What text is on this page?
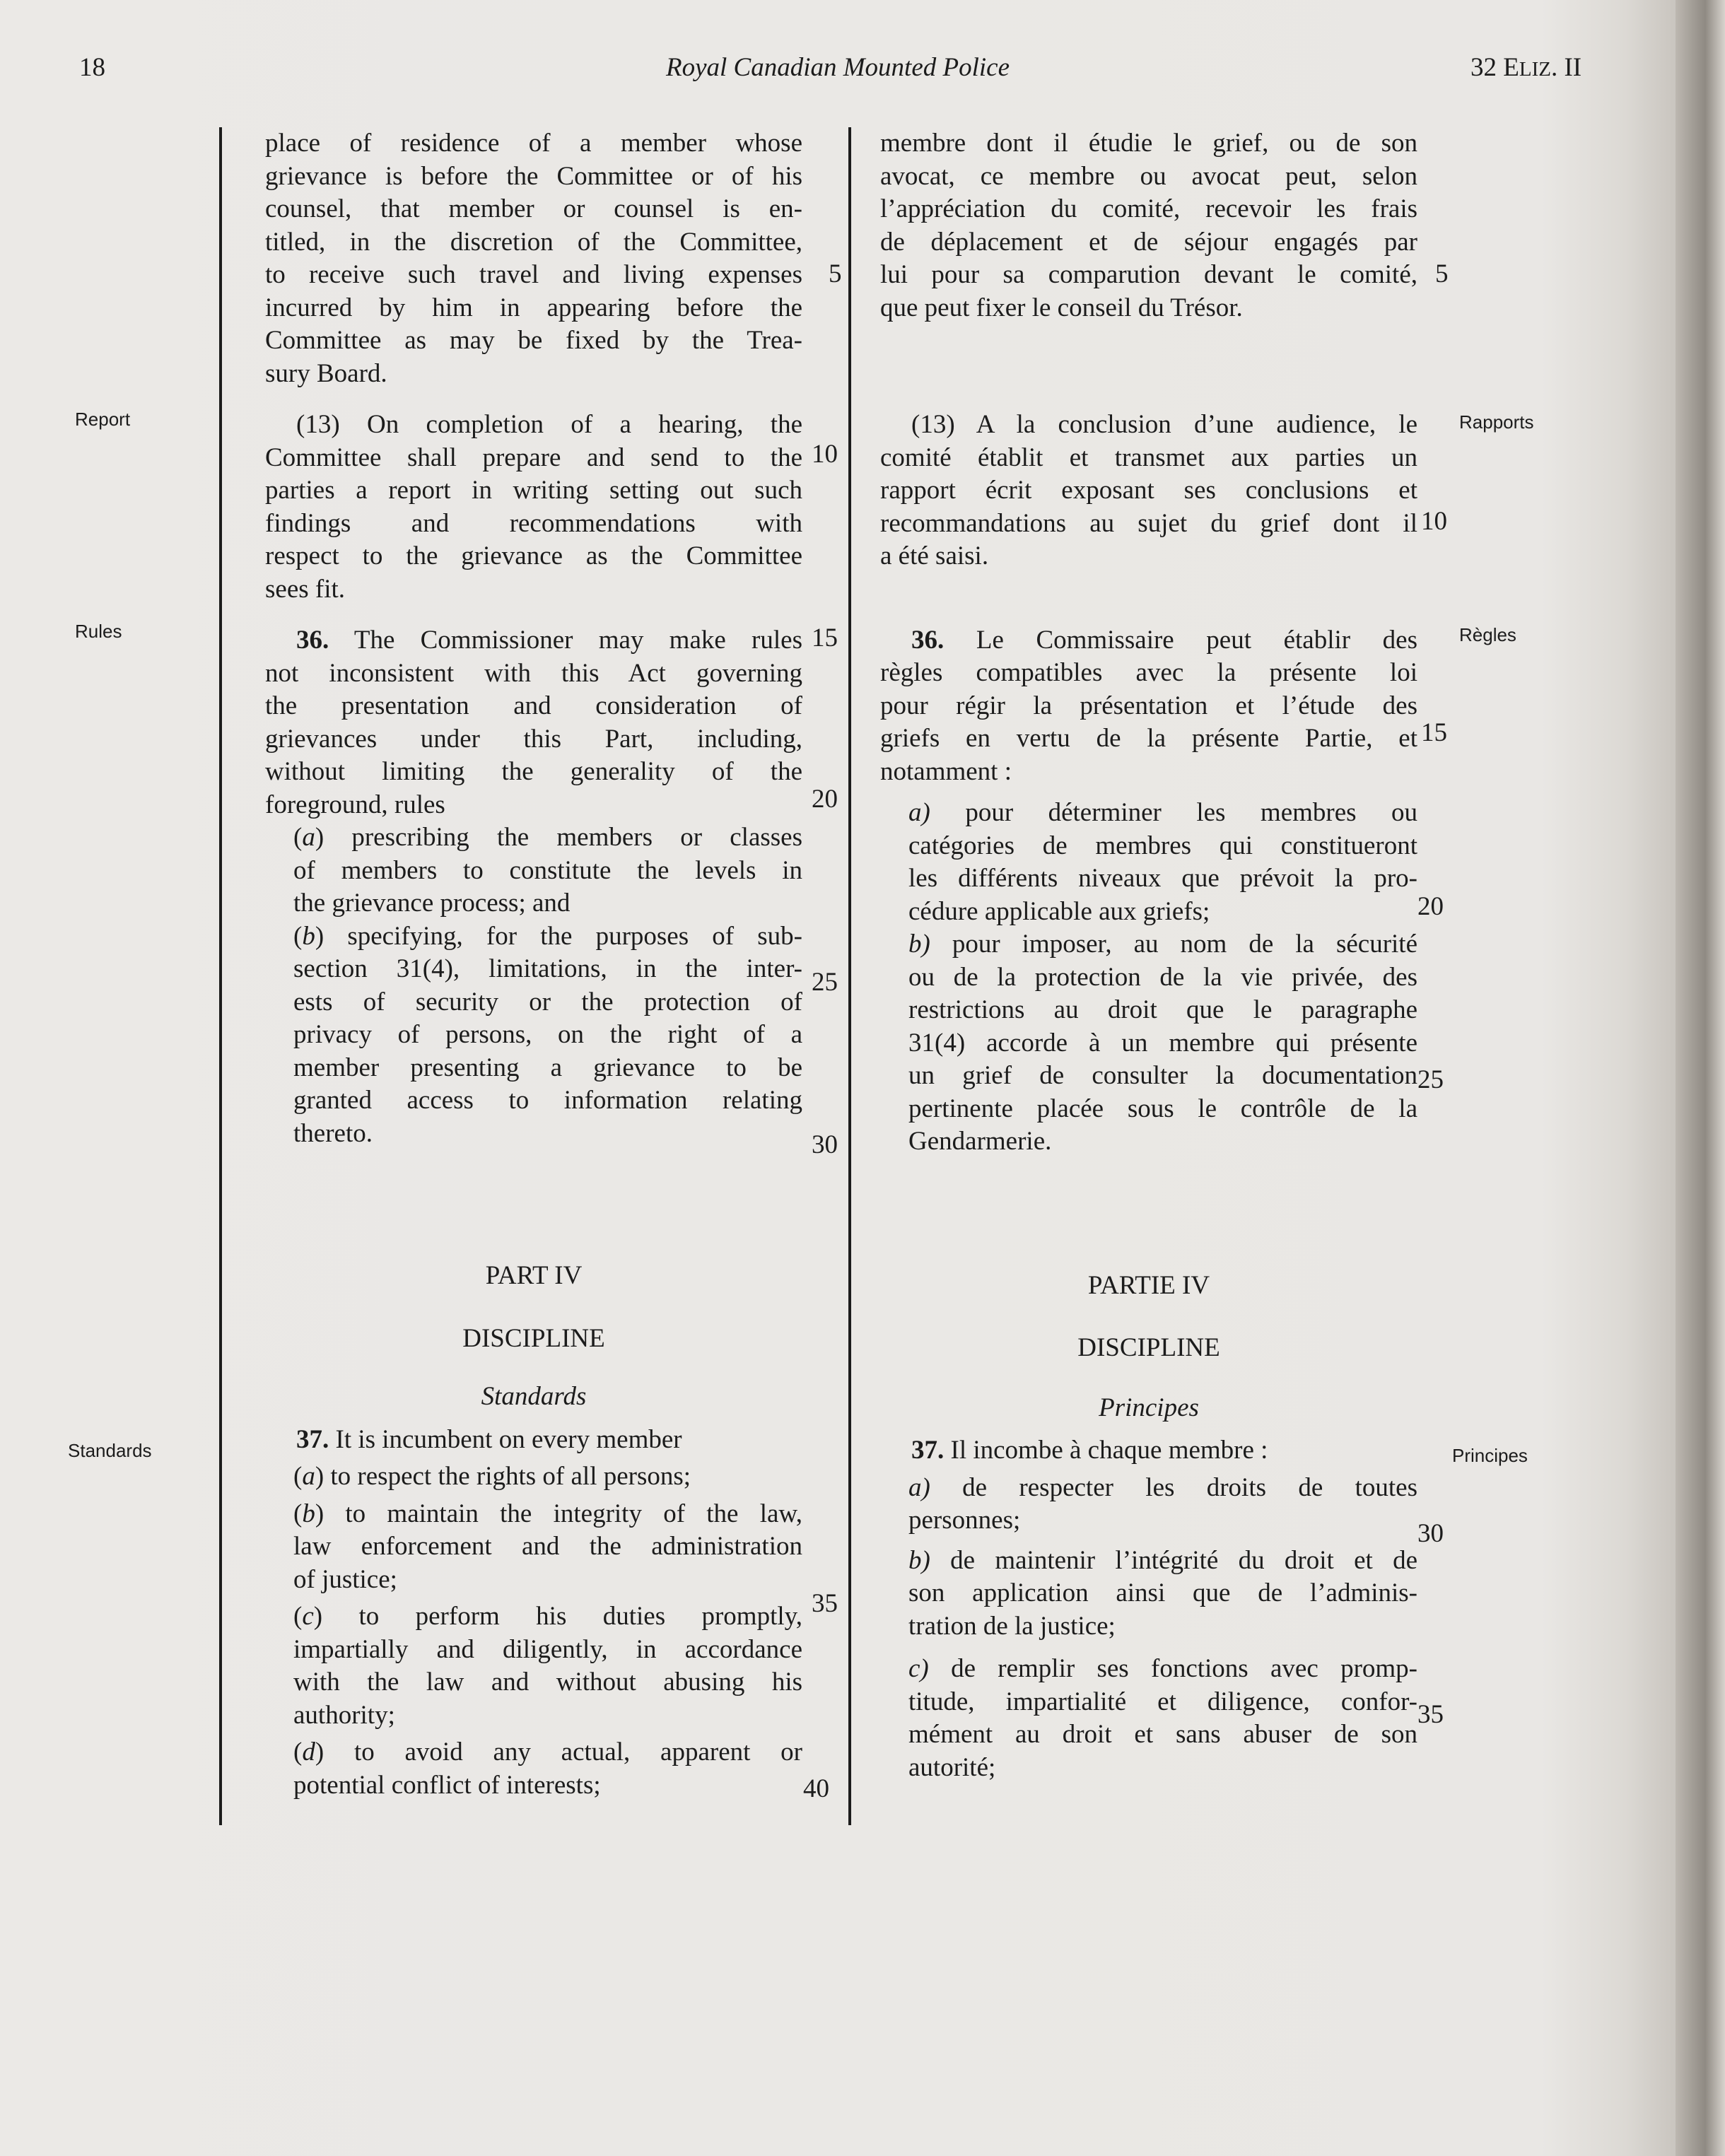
18	Royal Canadian Mounted Police	32 ELIZ. II
Report
Rules
Standards
Rapports
Règles
Principes

place of residence of a member whose

grievance is before the Committee or of his

counsel, that member or counsel is en-

titled, in the discretion of the Committee,

to receive such travel and living expenses

incurred by him in appearing before the

Committee as may be fixed by the Trea-

sury Board.

(13) On completion of a hearing, the

Committee shall prepare and send to the

parties a report in writing setting out such

findings and recommendations with

respect to the grievance as the Committee

sees fit.

36. The Commissioner may make rules

not inconsistent with this Act governing

the presentation and consideration of

grievances under this Part, including,

without limiting the generality of the

foreground, rules

(a) prescribing the members or classes

of members to constitute the levels in

the grievance process; and

(b) specifying, for the purposes of sub-

section 31(4), limitations, in the inter-

ests of security or the protection of

privacy of persons, on the right of a

member presenting a grievance to be

granted access to information relating

thereto.

PART IV

DISCIPLINE

Standards

37. It is incumbent on every member

(a) to respect the rights of all persons;

(b) to maintain the integrity of the law,

law enforcement and the administration

of justice;

(c) to perform his duties promptly,

impartially and diligently, in accordance

with the law and without abusing his

authority;

(d) to avoid any actual, apparent or

potential conflict of interests;

5
10
15
20
25
30
35
40

membre dont il étudie le grief, ou de son

avocat, ce membre ou avocat peut, selon

l’appréciation du comité, recevoir les frais

de déplacement et de séjour engagés par

lui pour sa comparution devant le comité,

que peut fixer le conseil du Trésor.

(13) A la conclusion d’une audience, le

comité établit et transmet aux parties un

rapport écrit exposant ses conclusions et

recommandations au sujet du grief dont il

a été saisi.

36. Le Commissaire peut établir des

règles compatibles avec la présente loi

pour régir la présentation et l’étude des

griefs en vertu de la présente Partie, et

notamment :

a) pour déterminer les membres ou

catégories de membres qui constitueront

les différents niveaux que prévoit la pro-

cédure applicable aux griefs;

b) pour imposer, au nom de la sécurité

ou de la protection de la vie privée, des

restrictions au droit que le paragraphe

31(4) accorde à un membre qui présente

un grief de consulter la documentation

pertinente placée sous le contrôle de la

Gendarmerie.

PARTIE IV

DISCIPLINE

Principes

37. Il incombe à chaque membre :

a) de respecter les droits de toutes

personnes;

b) de maintenir l’intégrité du droit et de

son application ainsi que de l’adminis-

tration de la justice;

c) de remplir ses fonctions avec promp-

titude, impartialité et diligence, confor-

mément au droit et sans abuser de son

autorité;

5
10
15
20
25
30
35
